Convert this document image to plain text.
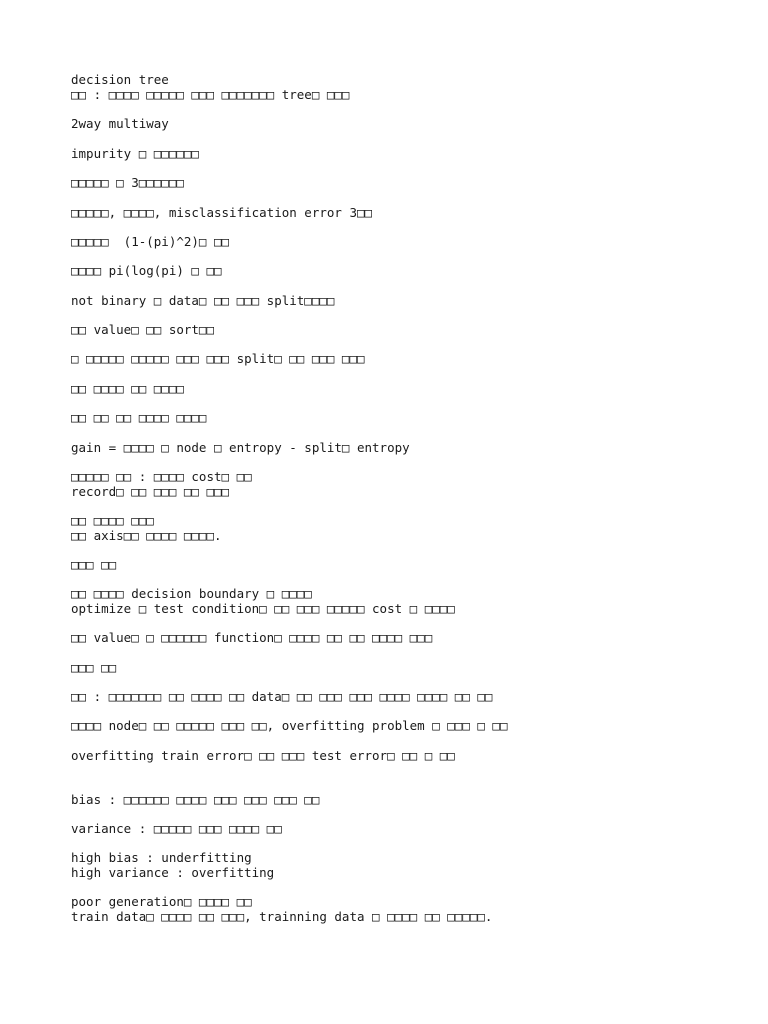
decision tree
□□ : □□□□ □□□□□ □□□ □□□□□□□ tree□ □□□
2way multiway
impurity □ □□□□□□
□□□□□ □ 3□□□□□□
□□□□□, □□□□, misclassification error 3□□
□□□□□  (1-(pi)^2)□ □□
□□□□ pi(log(pi) □ □□
not binary □ data□ □□ □□□ split□□□□
□□ value□ □□ sort□□
□ □□□□□ □□□□□ □□□ □□□ split□ □□ □□□ □□□
□□ □□□□ □□ □□□□
□□ □□ □□ □□□□ □□□□
gain = □□□□ □ node □ entropy - split□ entropy
□□□□□ □□ : □□□□ cost□ □□
record□ □□ □□□ □□ □□□
□□ □□□□ □□□
□□ axis□□ □□□□ □□□□.
□□□ □□
□□ □□□□ decision boundary □ □□□□
optimize □ test condition□ □□ □□□ □□□□□ cost □ □□□□
□□ value□ □ □□□□□□ function□ □□□□ □□ □□ □□□□ □□□
□□□ □□
□□ : □□□□□□□ □□ □□□□ □□ data□ □□ □□□ □□□ □□□□ □□□□ □□ □□
□□□□ node□ □□ □□□□□ □□□ □□, overfitting problem □ □□□ □ □□
overfitting train error□ □□ □□□ test error□ □□ □ □□
bias : □□□□□□ □□□□ □□□ □□□ □□□ □□
variance : □□□□□ □□□ □□□□ □□
high bias : underfitting
high variance : overfitting
poor generation□ □□□□ □□
train data□ □□□□ □□ □□□, trainning data □ □□□□ □□ □□□□□.
